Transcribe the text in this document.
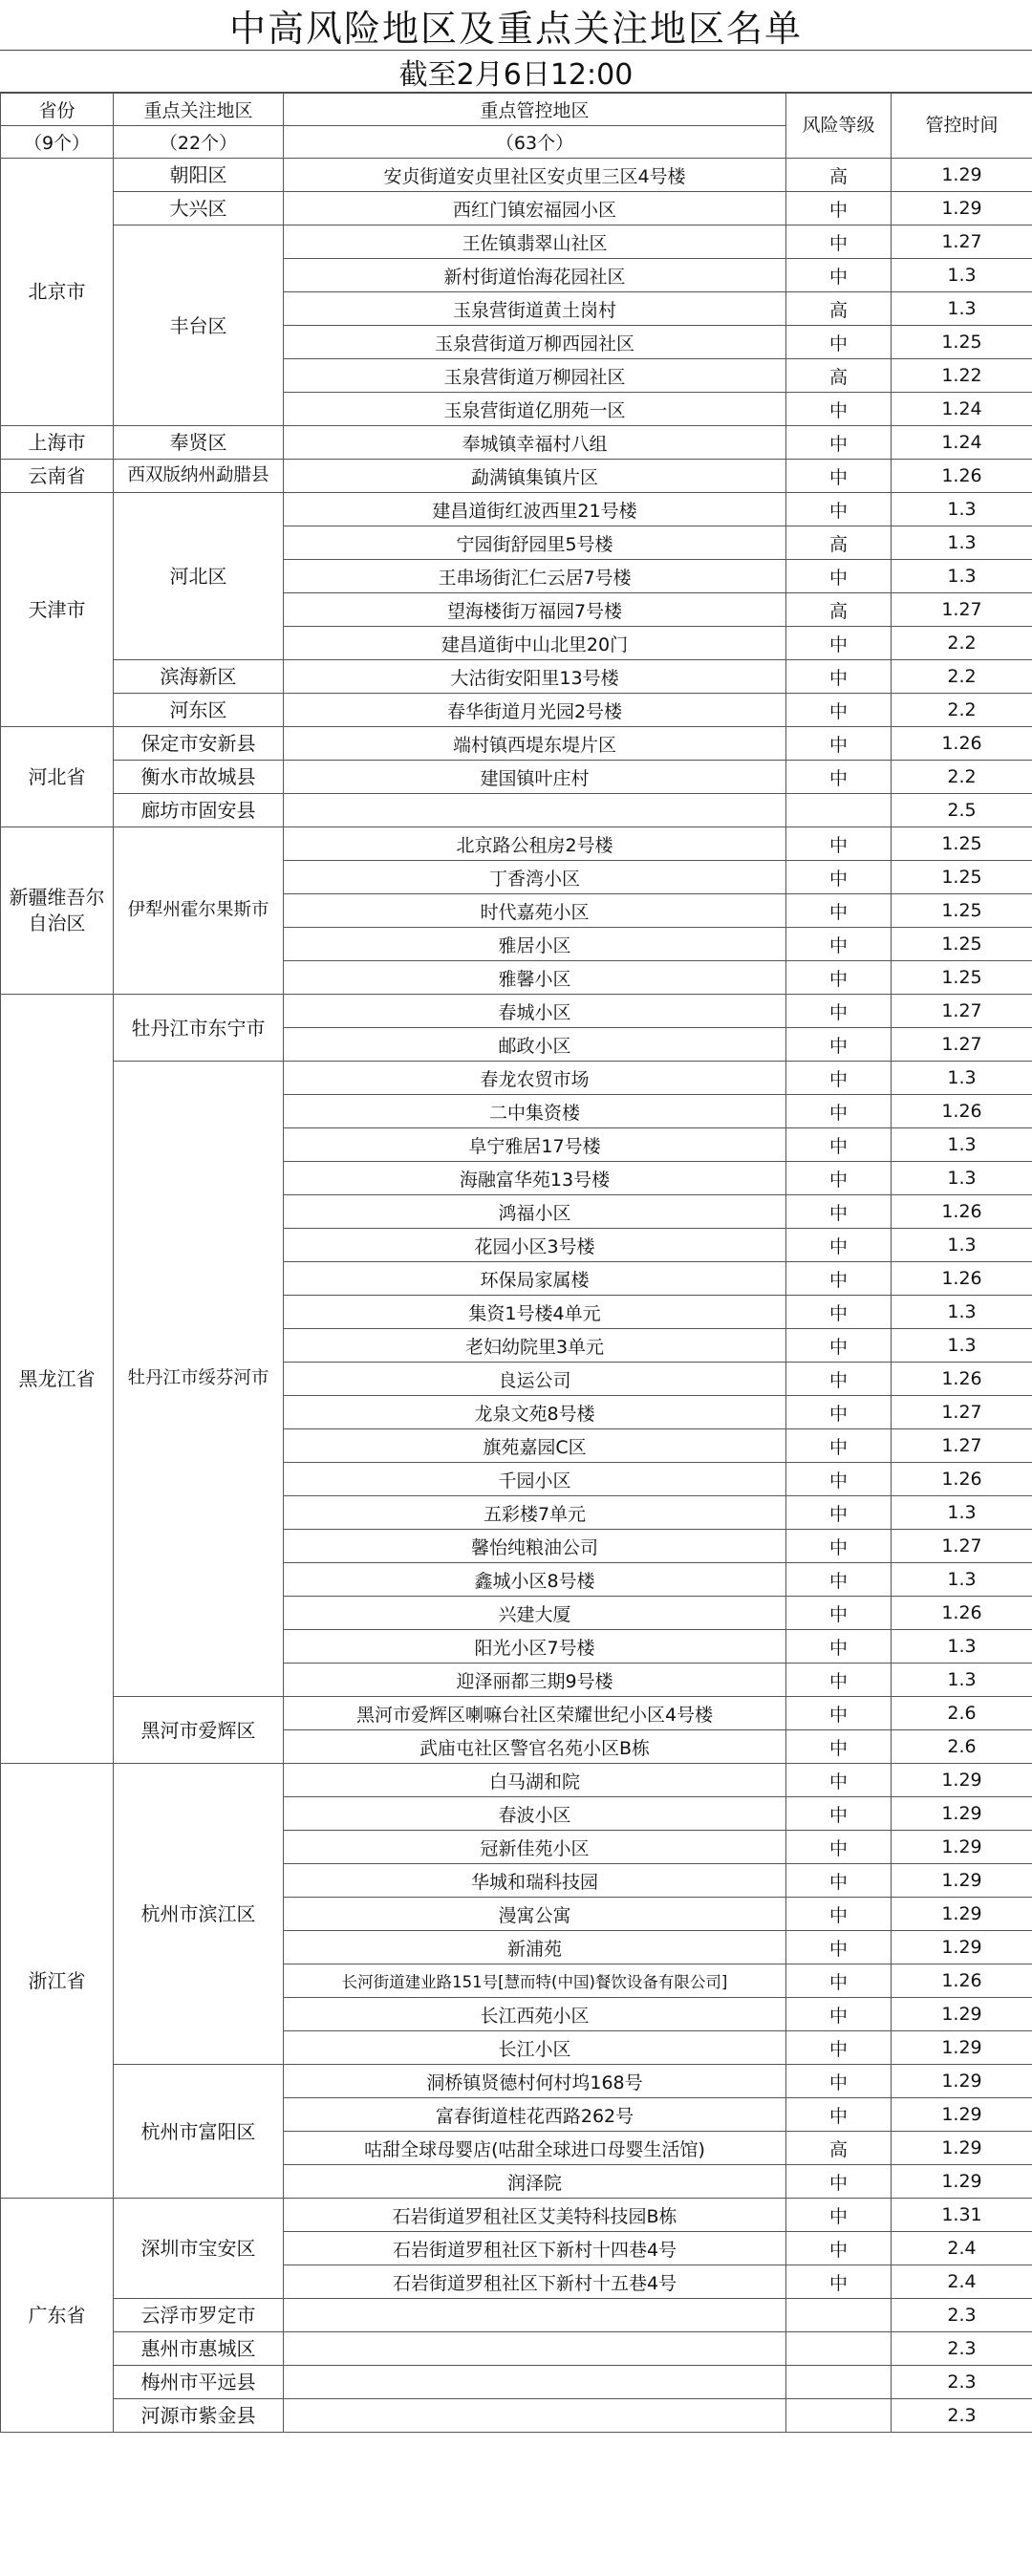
中高风险地区及重点关注地区名单
截至2月6日12:00
省份	重点关注地区	重点管控地区	风险等级	管控时间
（9个）	（22个）	（63个）		
北京市	朝阳区	安贞街道安贞里社区安贞里三区4号楼	高	1.29
	大兴区	西红门镇宏福园小区	中	1.29
	丰台区	王佐镇翡翠山社区	中	1.27
		新村街道怡海花园社区	中	1.3
		玉泉营街道黄土岗村	高	1.3
		玉泉营街道万柳西园社区	中	1.25
		玉泉营街道万柳园社区	高	1.22
		玉泉营街道亿朋苑一区	中	1.24
上海市	奉贤区	奉城镇幸福村八组	中	1.24
云南省	西双版纳州勐腊县	勐满镇集镇片区	中	1.26
天津市	河北区	建昌道街红波西里21号楼	中	1.3
		宁园街舒园里5号楼	高	1.3
		王串场街汇仁云居7号楼	中	1.3
		望海楼街万福园7号楼	高	1.27
		建昌道街中山北里20门	中	2.2
	滨海新区	大沽街安阳里13号楼	中	2.2
	河东区	春华街道月光园2号楼	中	2.2
河北省	保定市安新县	端村镇西堤东堤片区	中	1.26
	衡水市故城县	建国镇叶庄村	中	2.2
	廊坊市固安县			2.5
新疆维吾尔自治区	伊犁州霍尔果斯市	北京路公租房2号楼	中	1.25
		丁香湾小区	中	1.25
		时代嘉苑小区	中	1.25
		雅居小区	中	1.25
		雅馨小区	中	1.25
黑龙江省	牡丹江市东宁市	春城小区	中	1.27
		邮政小区	中	1.27
	牡丹江市绥芬河市	春龙农贸市场	中	1.3
		二中集资楼	中	1.26
		阜宁雅居17号楼	中	1.3
		海融富华苑13号楼	中	1.3
		鸿福小区	中	1.26
		花园小区3号楼	中	1.3
		环保局家属楼	中	1.26
		集资1号楼4单元	中	1.3
		老妇幼院里3单元	中	1.3
		良运公司	中	1.26
		龙泉文苑8号楼	中	1.27
		旗苑嘉园C区	中	1.27
		千园小区	中	1.26
		五彩楼7单元	中	1.3
		馨怡纯粮油公司	中	1.27
		鑫城小区8号楼	中	1.3
		兴建大厦	中	1.26
		阳光小区7号楼	中	1.3
		迎泽丽都三期9号楼	中	1.3
	黑河市爱辉区	黑河市爱辉区喇嘛台社区荣耀世纪小区4号楼	中	2.6
		武庙屯社区警官名苑小区B栋	中	2.6
浙江省	杭州市滨江区	白马湖和院	中	1.29
		春波小区	中	1.29
		冠新佳苑小区	中	1.29
		华城和瑞科技园	中	1.29
		漫寓公寓	中	1.29
		新浦苑	中	1.29
		长河街道建业路151号[慧而特(中国)餐饮设备有限公司]	中	1.26
		长江西苑小区	中	1.29
		长江小区	中	1.29
	杭州市富阳区	洞桥镇贤德村何村坞168号	中	1.29
		富春街道桂花西路262号	中	1.29
		咕甜全球母婴店(咕甜全球进口母婴生活馆)	高	1.29
		润泽院	中	1.29
广东省	深圳市宝安区	石岩街道罗租社区艾美特科技园B栋	中	1.31
		石岩街道罗租社区下新村十四巷4号	中	2.4
		石岩街道罗租社区下新村十五巷4号	中	2.4
	云浮市罗定市			2.3
	惠州市惠城区			2.3
	梅州市平远县			2.3
	河源市紫金县			2.3
